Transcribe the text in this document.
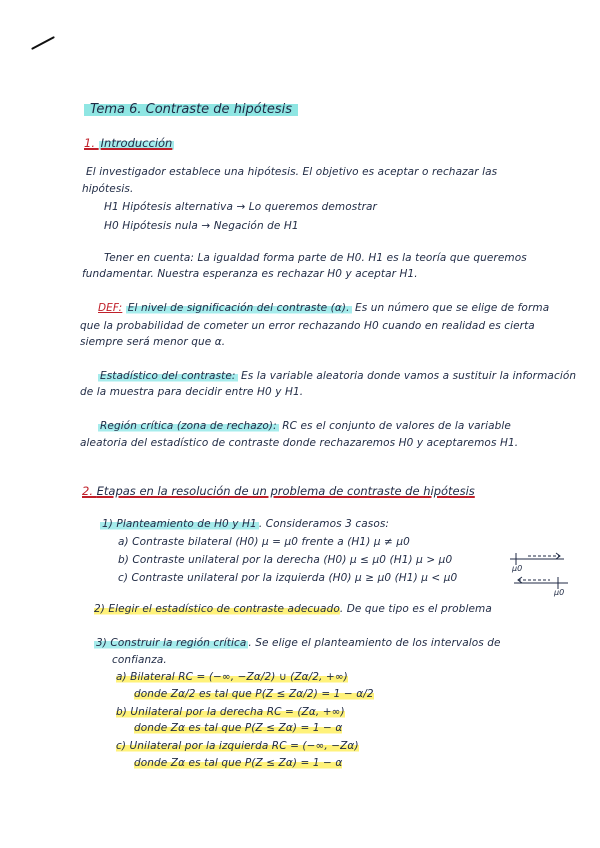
Tema 6. Contraste de hipótesis
1. Introducción
El investigador establece una hipótesis. El objetivo es aceptar o rechazar las
hipótesis.
H1 Hipótesis alternativa → Lo queremos demostrar
H0 Hipótesis nula → Negación de H1
Tener en cuenta: La igualdad forma parte de H0. H1 es la teoría que queremos
fundamentar. Nuestra esperanza es rechazar H0 y aceptar H1.
DEF: El nivel de significación del contraste (α). Es un número que se elige de forma
que la probabilidad de cometer un error rechazando H0 cuando en realidad es cierta
siempre será menor que α.
Estadístico del contraste: Es la variable aleatoria donde vamos a sustituir la información
de la muestra para decidir entre H0 y H1.
Región crítica (zona de rechazo): RC es el conjunto de valores de la variable
aleatoria del estadístico de contraste donde rechazaremos H0 y aceptaremos H1.
2. Etapas en la resolución de un problema de contraste de hipótesis
1) Planteamiento de H0 y H1 . Consideramos 3 casos:
a) Contraste bilateral (H0) μ = μ0 frente a (H1) μ ≠ μ0
b) Contraste unilateral por la derecha (H0) μ ≤ μ0 (H1) μ > μ0
c) Contraste unilateral por la izquierda (H0) μ ≥ μ0 (H1) μ < μ0
μ0
μ0
2) Elegir el estadístico de contraste adecuado. De que tipo es el problema
3) Construir la región crítica . Se elige el planteamiento de los intervalos de
confianza.
a) Bilateral RC = (−∞, −Zα/2) ∪ (Zα/2, +∞)
donde Zα/2 es tal que P(Z ≤ Zα/2) = 1 − α/2
b) Unilateral por la derecha RC = (Zα, +∞)
donde Zα es tal que P(Z ≤ Zα) = 1 − α
c) Unilateral por la izquierda RC = (−∞, −Zα)
donde Zα es tal que P(Z ≤ Zα) = 1 − α
